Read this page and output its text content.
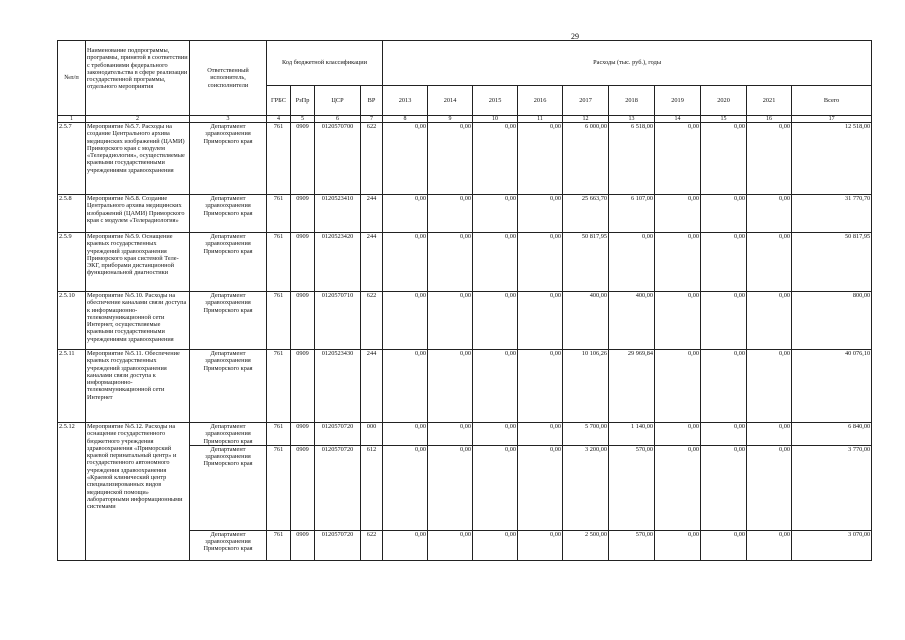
29
№п/п	Наименование подпрограммы, программы, принятой в соответствии с требованиями федерального законодательства в сфере реализации государственной программы, отдельного мероприятия	Ответственный исполнитель, соисполнители	Код бюджетной классификации				Расходы (тыс. руб.), годы									
			ГРБС	РзПр	ЦСР	ВР	2013	2014	2015	2016	2017	2018	2019	2020	2021	Всего
1	2	3	4	5	6	7	8	9	10	11	12	13	14	15	16	17
2.5.7	Мероприятие №5.7. Расходы на создание Центрального архива медицинских изображений (ЦАМИ) Приморского края с модулем «Телерадиология», осуществляемые краевыми государственными учреждениями здравоохранения	Департамент здравоохранения Приморского края	761	0909	0120570700	622	0,00	0,00	0,00	0,00	6 000,00	6 518,00	0,00	0,00	0,00	12 518,00
2.5.8	Мероприятие №5.8. Создание Центрального архива медицинских изображений (ЦАМИ) Приморского края с модулем «Телерадиология»	Департамент здравоохранения Приморского края	761	0909	0120523410	244	0,00	0,00	0,00	0,00	25 663,70	6 107,00	0,00	0,00	0,00	31 770,70
2.5.9	Мероприятие №5.9. Оснащение краевых государственных учреждений здравоохранения Приморского края системой Теле-ЭКГ, приборами дистанционной функциональной диагностики	Департамент здравоохранения Приморского края	761	0909	0120523420	244	0,00	0,00	0,00	0,00	50 817,95	0,00	0,00	0,00	0,00	50 817,95
2.5.10	Мероприятие №5.10. Расходы на обеспечение каналами связи доступа к информационно-телекоммуникационной сети Интернет, осуществляемые краевыми государственными учреждениями здравоохранения	Департамент здравоохранения Приморского края	761	0909	0120570710	622	0,00	0,00	0,00	0,00	400,00	400,00	0,00	0,00	0,00	800,00
2.5.11	Мероприятие №5.11. Обеспечение краевых государственных учреждений здравоохранения каналами связи доступа к информационно-телекоммуникационной сети Интернет	Департамент здравоохранения Приморского края	761	0909	0120523430	244	0,00	0,00	0,00	0,00	10 106,26	29 969,84	0,00	0,00	0,00	40 076,10
2.5.12	Мероприятие №5.12. Расходы на оснащение государственного бюджетного учреждения здравоохранения «Приморский краевой перинатальный центр» и государственного автономного учреждения здравоохранения «Краевой клинический центр специализированных видов медицинской помощи» лабораторными информационными системами	Департамент здравоохранения Приморского края	761	0909	0120570720	000	0,00	0,00	0,00	0,00	5 700,00	1 140,00	0,00	0,00	0,00	6 840,00
		Департамент здравоохранения Приморского края	761	0909	0120570720	612	0,00	0,00	0,00	0,00	3 200,00	570,00	0,00	0,00	0,00	3 770,00
		Департамент здравоохранения Приморского края	761	0909	0120570720	622	0,00	0,00	0,00	0,00	2 500,00	570,00	0,00	0,00	0,00	3 070,00
